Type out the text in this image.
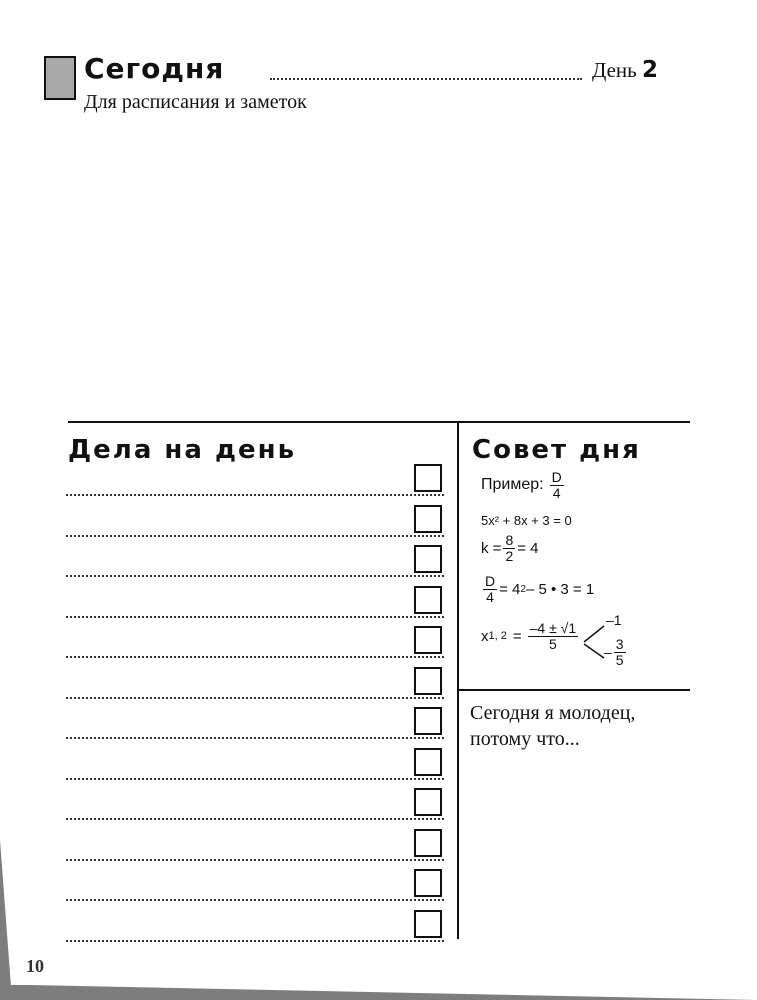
Сегодня	День 2
Для расписания и заметок
Дела на день	Совет дня
Пример: $\frac{D}{4}$
5x² + 8x + 3 = 0
$k = \frac{8}{2} = 4$
$\frac{D}{4} = 4$ 2 – 5 • 3 = 1
x 1, $2 = \frac{-4 \pm √1}{5}$
–1
– $\frac{3}{5}$
Сегодня я молодец, потому что...
10
